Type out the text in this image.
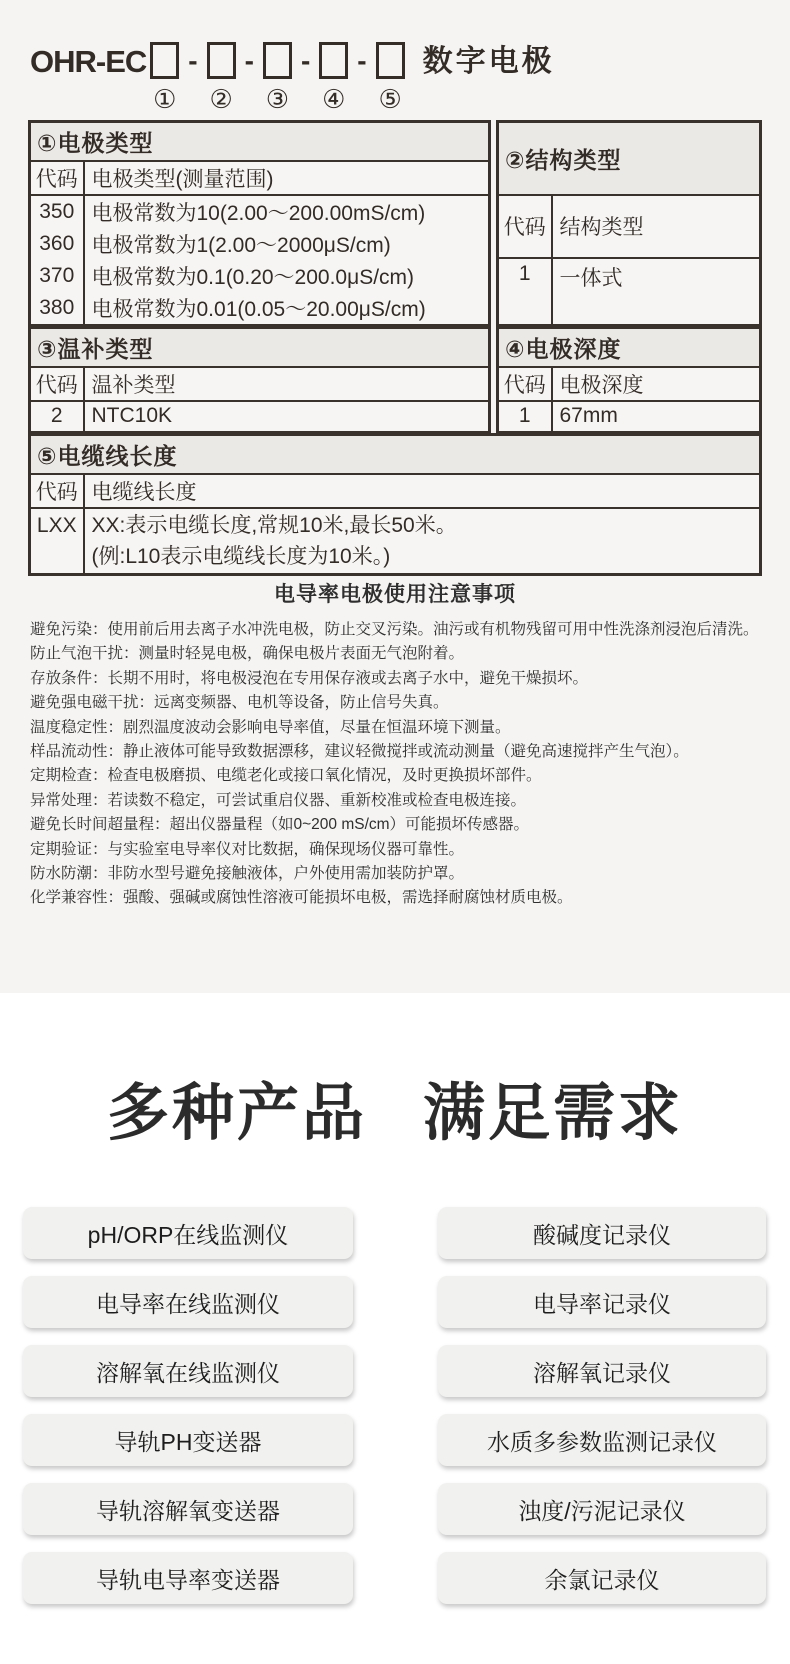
OHR-EC
①
-
②
-
③
-
④
-
⑤
数字电极
①电极类型	
代码	电极类型(测量范围)
350	电极常数为10(2.00～200.00mS/cm)
360	电极常数为1(2.00～2000μS/cm)
370	电极常数为0.1(0.20～200.0μS/cm)
380	电极常数为0.01(0.05～20.00μS/cm)
②结构类型	
代码	结构类型
1	一体式
③温补类型	
代码	温补类型
2	NTC10K
④电极深度	
代码	电极深度
1	67mm
⑤电缆线长度	
代码	电缆线长度
LXX	XX:表示电缆长度,常规10米,最长50米。
(例:L10表示电缆线长度为10米。)
电导率电极使用注意事项

避免污染：使用前后用去离子水冲洗电极，防止交叉污染。油污或有机物残留可用中性洗涤剂浸泡后清洗。

防止气泡干扰：测量时轻晃电极，确保电极片表面无气泡附着。

存放条件：长期不用时，将电极浸泡在专用保存液或去离子水中，避免干燥损坏。

避免强电磁干扰：远离变频器、电机等设备，防止信号失真。

温度稳定性：剧烈温度波动会影响电导率值，尽量在恒温环境下测量。

样品流动性：静止液体可能导致数据漂移，建议轻微搅拌或流动测量（避免高速搅拌产生气泡）。

定期检查：检查电极磨损、电缆老化或接口氧化情况，及时更换损坏部件。

异常处理：若读数不稳定，可尝试重启仪器、重新校准或检查电极连接。

避免长时间超量程：超出仪器量程（如0~200 mS/cm）可能损坏传感器。

定期验证：与实验室电导率仪对比数据，确保现场仪器可靠性。

防水防潮：非防水型号避免接触液体，户外使用需加装防护罩。

化学兼容性：强酸、强碱或腐蚀性溶液可能损坏电极，需选择耐腐蚀材质电极。

多种产品 满足需求
pH/ORP在线监测仪	酸碱度记录仪
电导率在线监测仪	电导率记录仪
溶解氧在线监测仪	溶解氧记录仪
导轨PH变送器	水质多参数监测记录仪
导轨溶解氧变送器	浊度/污泥记录仪
导轨电导率变送器	余氯记录仪
